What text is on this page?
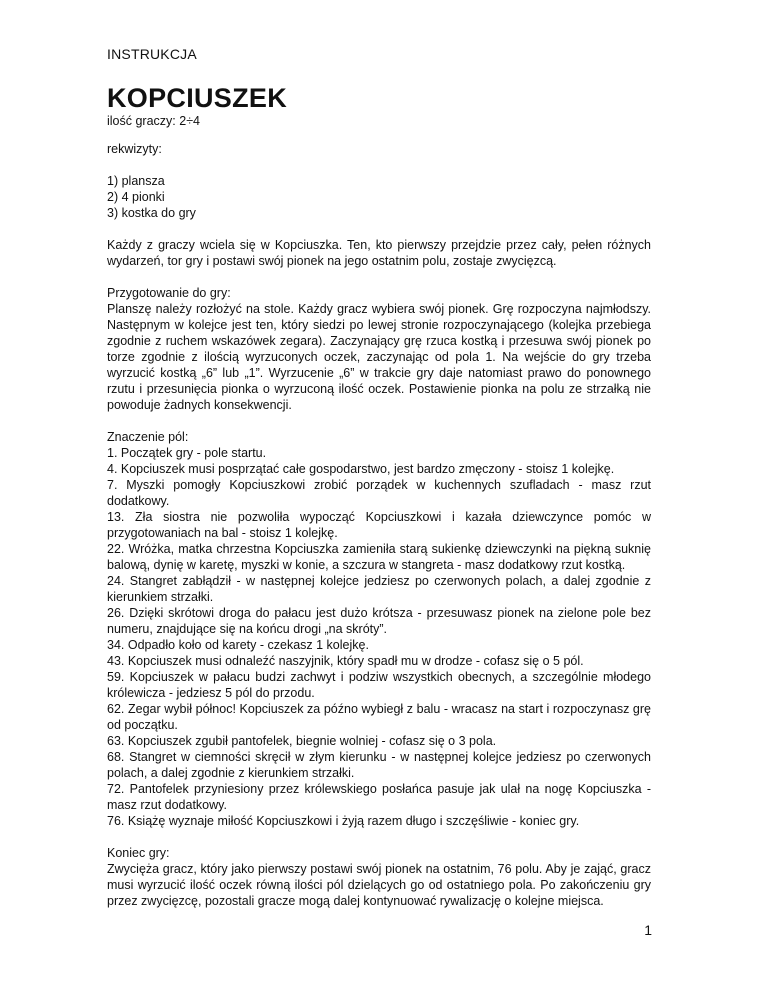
INSTRUKCJA
KOPCIUSZEK
ilość graczy: 2÷4
rekwizyty:
1) plansza
2) 4 pionki
3) kostka do gry

Każdy z graczy wciela się w Kopciuszka. Ten, kto pierwszy przejdzie przez cały, pełen różnych wydarzeń, tor gry i postawi swój pionek na jego ostatnim polu, zostaje zwycięzcą.

Przygotowanie do gry:
Planszę należy rozłożyć na stole. Każdy gracz wybiera swój pionek. Grę rozpoczyna najmłodszy. Następnym w kolejce jest ten, który siedzi po lewej stronie rozpoczynającego (kolejka przebiega zgodnie z ruchem wskazówek zegara). Zaczynający grę rzuca kostką i przesuwa swój pionek po torze zgodnie z ilością wyrzuconych oczek, zaczynając od pola 1. Na wejście do gry trzeba wyrzucić kostką „6” lub „1”. Wyrzucenie „6” w trakcie gry daje natomiast prawo do ponownego rzutu i przesunięcia pionka o wyrzuconą ilość oczek. Postawienie pionka na polu ze strzałką nie powoduje żadnych konsekwencji.
Znaczenie pól:
1. Początek gry - pole startu.
4. Kopciuszek musi posprzątać całe gospodarstwo, jest bardzo zmęczony - stoisz 1 kolejkę.
7. Myszki pomogły Kopciuszkowi zrobić porządek w kuchennych szufladach - masz rzut dodatkowy.
13. Zła siostra nie pozwoliła wypocząć Kopciuszkowi i kazała dziewczynce pomóc w przygotowaniach na bal - stoisz 1 kolejkę.
22. Wróżka, matka chrzestna Kopciuszka zamieniła starą sukienkę dziewczynki na piękną suknię balową, dynię w karetę, myszki w konie, a szczura w stangreta - masz dodatkowy rzut kostką.
24. Stangret zabłądził - w następnej kolejce jedziesz po czerwonych polach, a dalej zgodnie z kierunkiem strzałki.
26. Dzięki skrótowi droga do pałacu jest dużo krótsza - przesuwasz pionek na zielone pole bez numeru, znajdujące się na końcu drogi „na skróty”.
34. Odpadło koło od karety - czekasz 1 kolejkę.
43. Kopciuszek musi odnaleźć naszyjnik, który spadł mu w drodze - cofasz się o 5 pól.
59. Kopciuszek w pałacu budzi zachwyt i podziw wszystkich obecnych, a szczególnie młodego królewicza - jedziesz 5 pól do przodu.
62. Zegar wybił północ! Kopciuszek za późno wybiegł z balu - wracasz na start i rozpoczynasz grę od początku.
63. Kopciuszek zgubił pantofelek, biegnie wolniej - cofasz się o 3 pola.
68. Stangret w ciemności skręcił w złym kierunku - w następnej kolejce jedziesz po czerwonych polach, a dalej zgodnie z kierunkiem strzałki.
72. Pantofelek przyniesiony przez królewskiego posłańca pasuje jak ulał na nogę Kopciuszka - masz rzut dodatkowy.
76. Książę wyznaje miłość Kopciuszkowi i żyją razem długo i szczęśliwie - koniec gry.
Koniec gry:
Zwycięża gracz, który jako pierwszy postawi swój pionek na ostatnim, 76 polu. Aby je zająć, gracz musi wyrzucić ilość oczek równą ilości pól dzielących go od ostatniego pola. Po zakończeniu gry przez zwycięzcę, pozostali gracze mogą dalej kontynuować rywalizację o kolejne miejsca.
1
